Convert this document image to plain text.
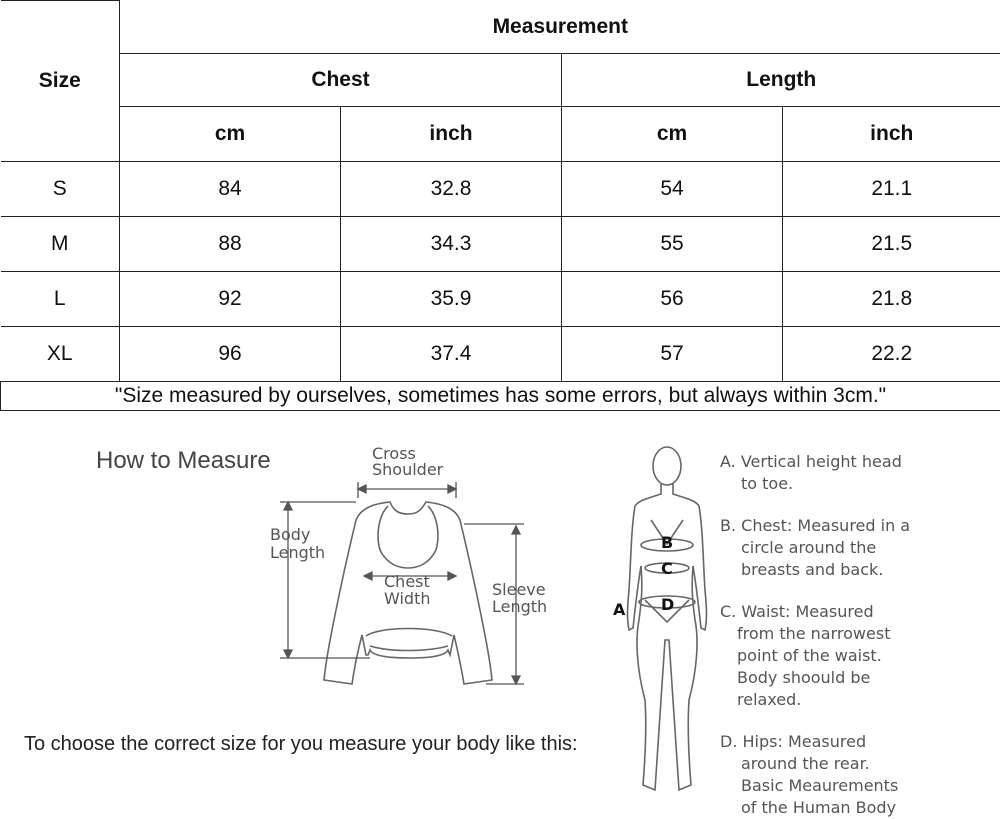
Size	Measurement			
	Chest		Length	
	cm	inch	cm	inch
S	84	32.8	54	21.1
M	88	34.3	55	21.5
L	92	35.9	56	21.8
XL	96	37.4	57	22.2
"Size measured by ourselves, sometimes has some errors, but always within 3cm."				
How to Measure	Cross
Shoulder
Body
Length
Chest
Width	Sleeve
Length
B
C
D
A
A. Vertical height head

to toe.
B. Chest: Measured in a

circle around the
breasts and back.
C. Waist: Measured

from the narrowest
point of the waist.
Body shoould be
relaxed.
D. Hips: Measured

around the rear.
Basic Meaurements
of the Human Body
To choose the correct size for you measure your body like this:
